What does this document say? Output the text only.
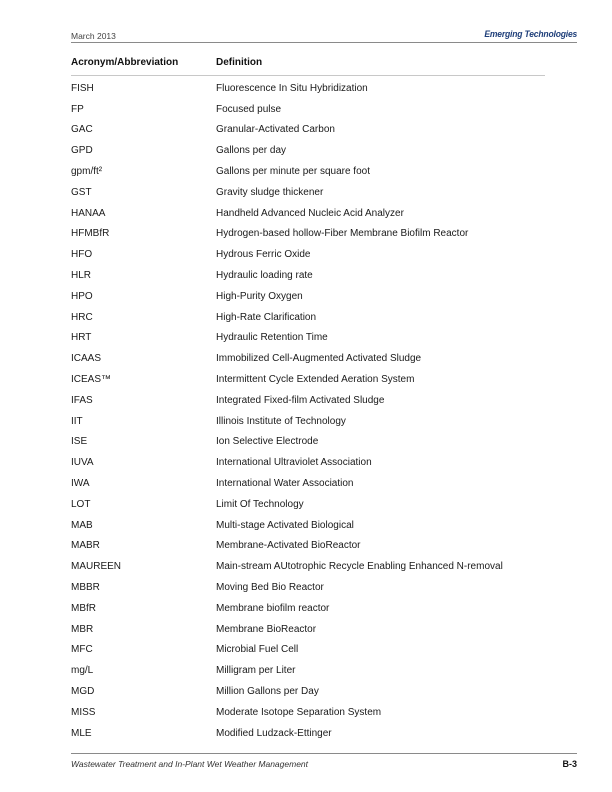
March 2013	Emerging Technologies
Acronym/Abbreviation	Definition
FISH	Fluorescence In Situ Hybridization
FP	Focused pulse
GAC	Granular-Activated Carbon
GPD	Gallons per day
gpm/ft²	Gallons per minute per square foot
GST	Gravity sludge thickener
HANAA	Handheld Advanced Nucleic Acid Analyzer
HFMBfR	Hydrogen-based hollow-Fiber Membrane Biofilm Reactor
HFO	Hydrous Ferric Oxide
HLR	Hydraulic loading rate
HPO	High-Purity Oxygen
HRC	High-Rate Clarification
HRT	Hydraulic Retention Time
ICAAS	Immobilized Cell-Augmented Activated Sludge
ICEAS™	Intermittent Cycle Extended Aeration System
IFAS	Integrated Fixed-film Activated Sludge
IIT	Illinois Institute of Technology
ISE	Ion Selective Electrode
IUVA	International Ultraviolet Association
IWA	International Water Association
LOT	Limit Of Technology
MAB	Multi-stage Activated Biological
MABR	Membrane-Activated BioReactor
MAUREEN	Main-stream AUtotrophic Recycle Enabling Enhanced N-removal
MBBR	Moving Bed Bio Reactor
MBfR	Membrane biofilm reactor
MBR	Membrane BioReactor
MFC	Microbial Fuel Cell
mg/L	Milligram per Liter
MGD	Million Gallons per Day
MISS	Moderate Isotope Separation System
MLE	Modified Ludzack-Ettinger
Wastewater Treatment and In-Plant Wet Weather Management	B-3
